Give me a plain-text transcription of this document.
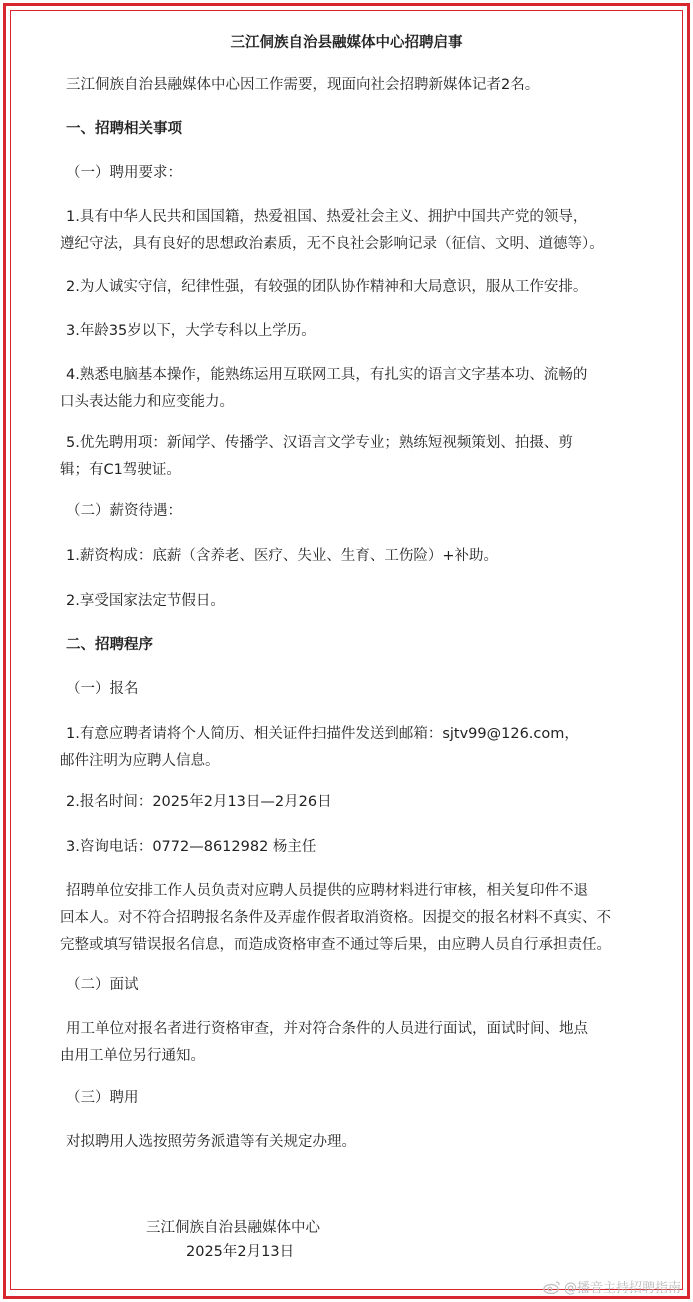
三江侗族自治县融媒体中心招聘启事
三江侗族自治县融媒体中心因工作需要，现面向社会招聘新媒体记者2名。
一、招聘相关事项
（一）聘用要求：
1.具有中华人民共和国国籍，热爱祖国、热爱社会主义、拥护中国共产党的领导，
遵纪守法，具有良好的思想政治素质，无不良社会影响记录（征信、文明、道德等）。
2.为人诚实守信，纪律性强，有较强的团队协作精神和大局意识，服从工作安排。
3.年龄35岁以下，大学专科以上学历。
4.熟悉电脑基本操作，能熟练运用互联网工具，有扎实的语言文字基本功、流畅的
口头表达能力和应变能力。
5.优先聘用项：新闻学、传播学、汉语言文学专业；熟练短视频策划、拍摄、剪
辑；有C1驾驶证。
（二）薪资待遇：
1.薪资构成：底薪（含养老、医疗、失业、生育、工伤险）+补助。
2.享受国家法定节假日。
二、招聘程序
（一）报名
1.有意应聘者请将个人简历、相关证件扫描件发送到邮箱：sjtv99@126.com，
邮件注明为应聘人信息。
2.报名时间：2025年2月13日—2月26日
3.咨询电话：0772—8612982 杨主任
招聘单位安排工作人员负责对应聘人员提供的应聘材料进行审核，相关复印件不退
回本人。对不符合招聘报名条件及弄虚作假者取消资格。因提交的报名材料不真实、不
完整或填写错误报名信息，而造成资格审查不通过等后果，由应聘人员自行承担责任。
（二）面试
用工单位对报名者进行资格审查，并对符合条件的人员进行面试，面试时间、地点
由用工单位另行通知。
（三）聘用
对拟聘用人选按照劳务派遣等有关规定办理。
三江侗族自治县融媒体中心
2025年2月13日
@播音主持招聘指南
